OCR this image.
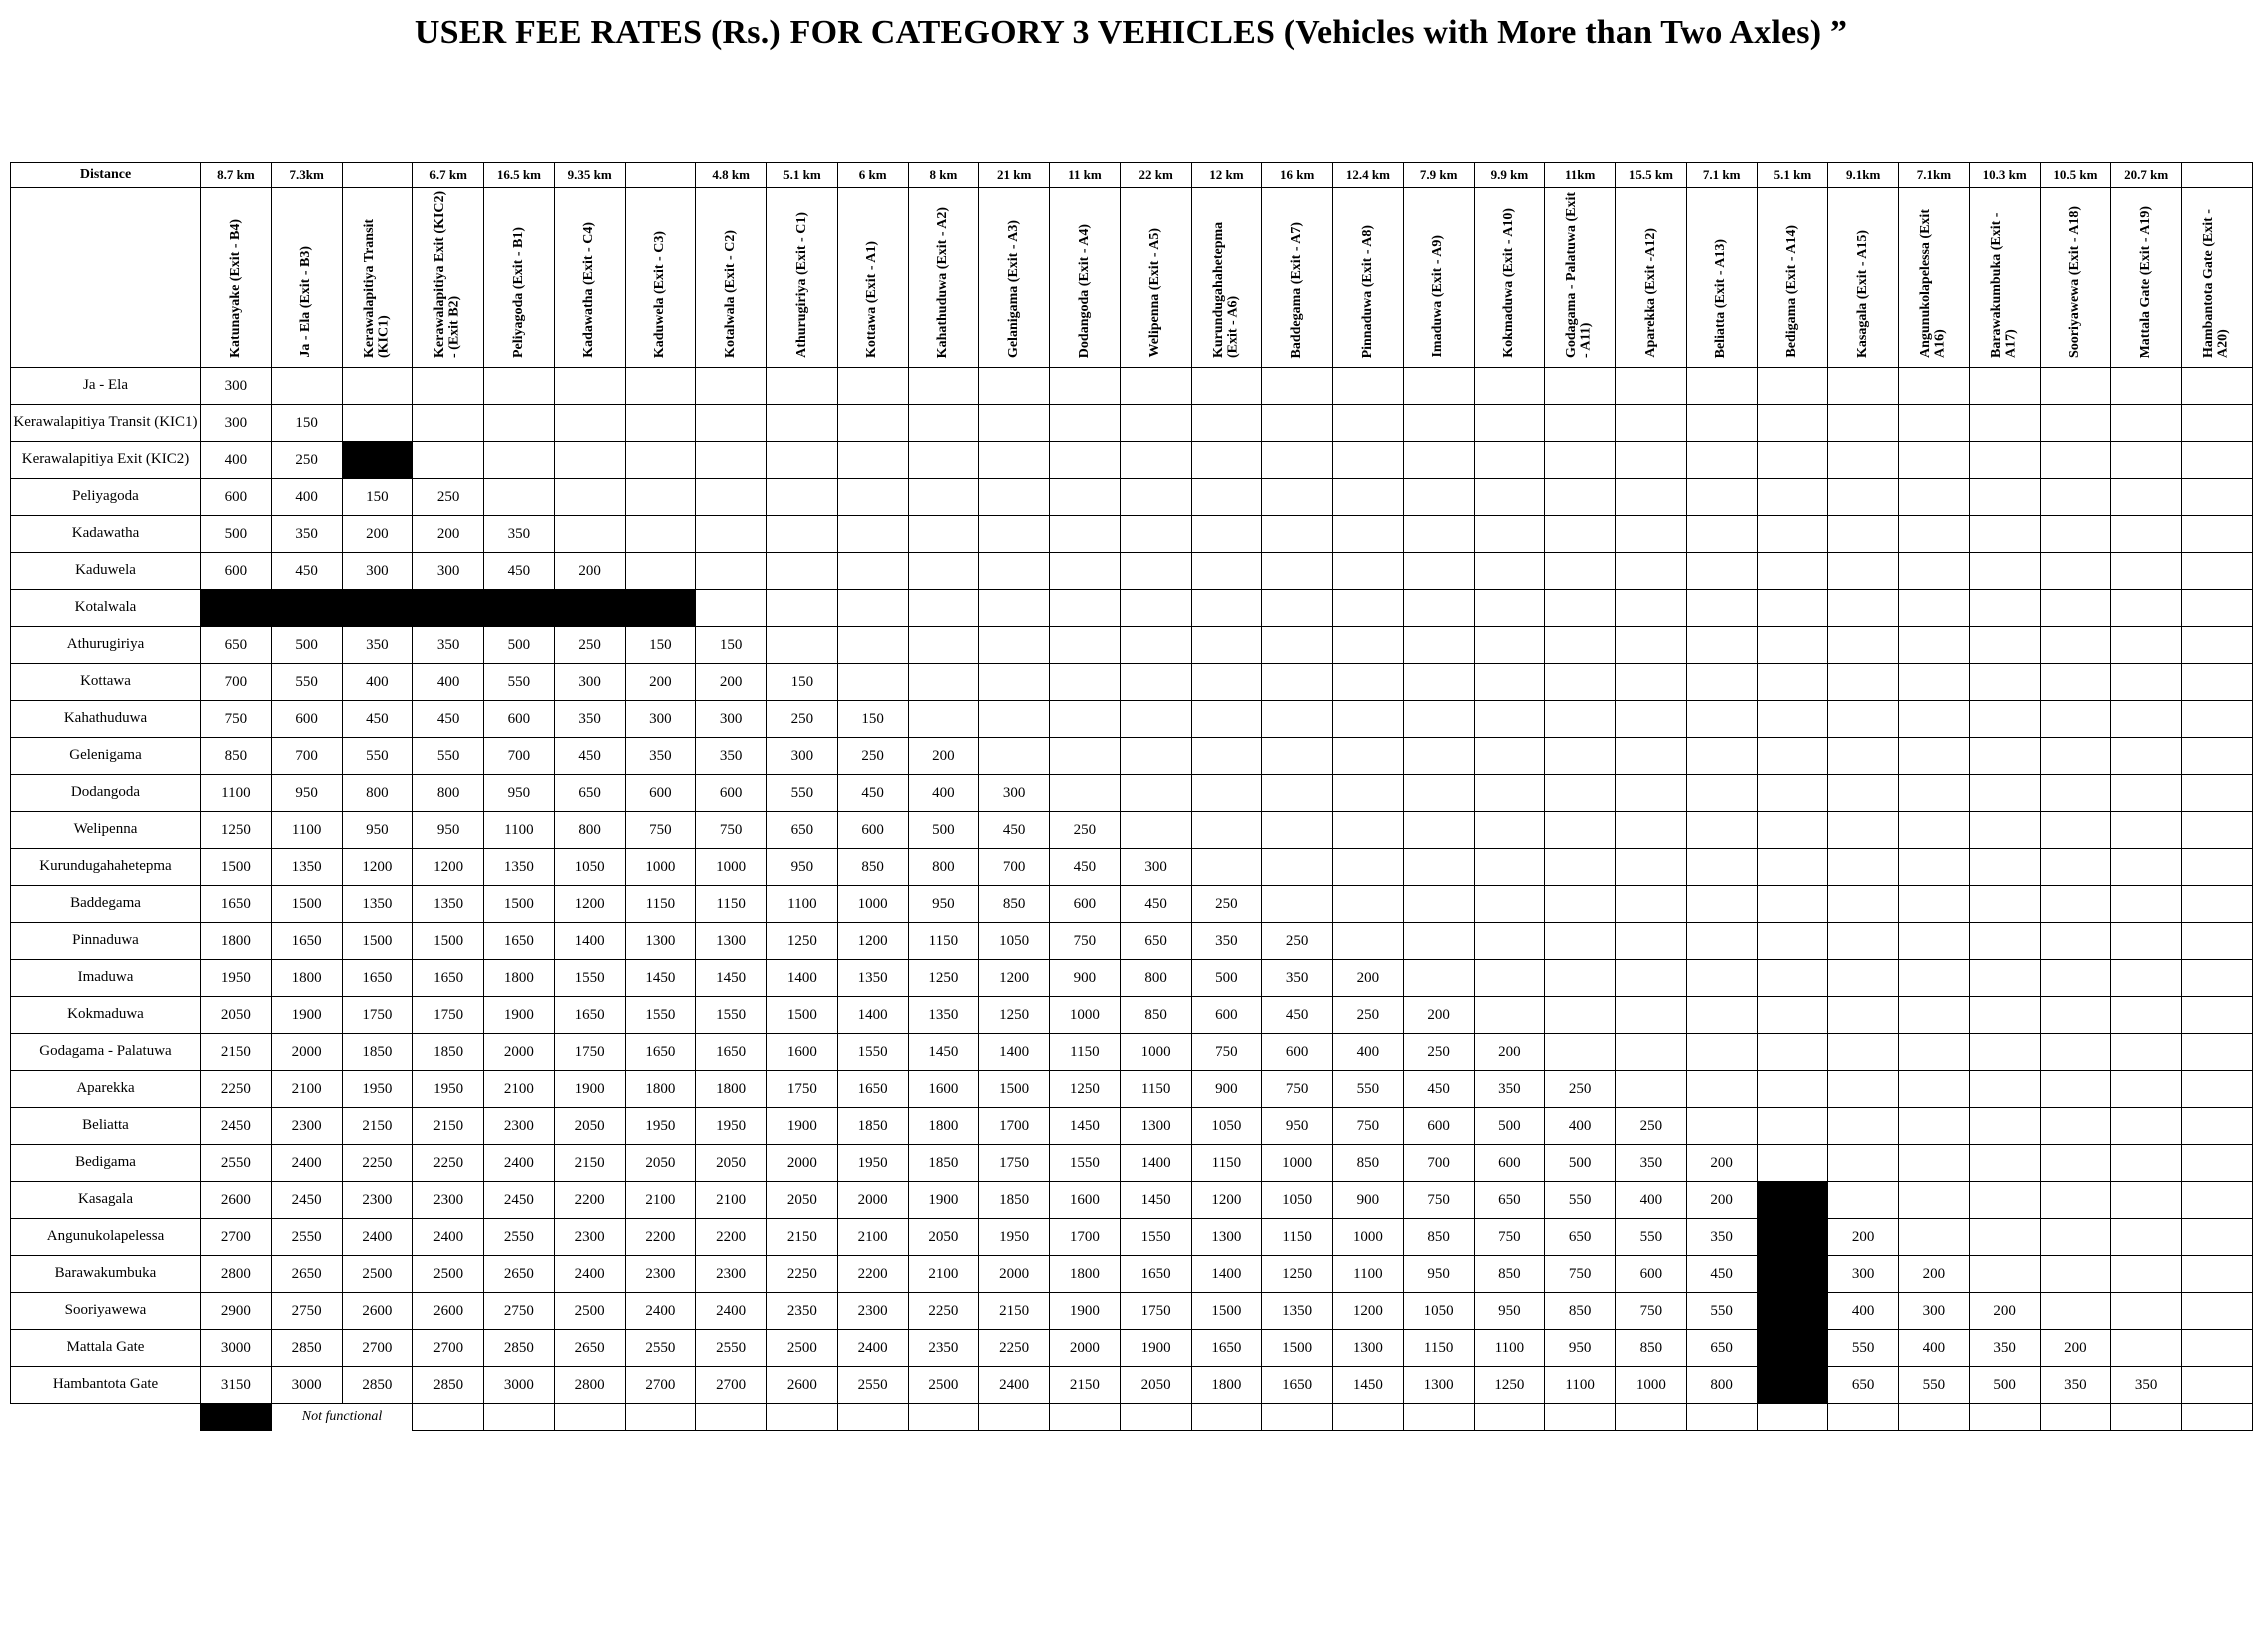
USER FEE RATES (Rs.) FOR CATEGORY 3 VEHICLES (Vehicles with More than Two Axles) ”
Distance	8.7 km	7.3km		6.7 km	16.5 km	9.35 km		4.8 km	5.1 km	6 km	8 km	21 km	11 km	22 km	12 km	16 km	12.4 km	7.9 km	9.9 km	11km	15.5 km	7.1 km	5.1 km	9.1km	7.1km	10.3 km	10.5 km	20.7 km	
	Katunayake (Exit - B4)	Ja - Ela (Exit - B3)	Kerawalapitiya Transit (KIC1)	Kerawalapitiya Exit (KIC2) - (Exit B2)	Peliyagoda (Exit - B1)	Kadawatha (Exit - C4)	Kaduwela (Exit - C3)	Kotalwala (Exit - C2)	Athurugiriya (Exit - C1)	Kottawa (Exit - A1)	Kahathuduwa (Exit - A2)	Gelanigama (Exit - A3)	Dodangoda (Exit - A4)	Welipenna (Exit - A5)	Kurundugahahetepma (Exit - A6)	Baddegama (Exit - A7)	Pinnaduwa (Exit - A8)	Imaduwa (Exit - A9)	Kokmaduwa (Exit - A10)	Godagama - Palatuwa (Exit - A11)	Aparekka (Exit -A12)	Beliatta (Exit - A13)	Bedigama (Exit - A14)	Kasagala (Exit - A15)	Angunukolapelessa (Exit A16)	Barawakumbuka (Exit - A17)	Sooriyawewa (Exit - A18)	Mattala Gate (Exit - A19)	Hambantota Gate (Exit - A20)
Ja - Ela	300																												
Kerawalapitiya Transit (KIC1)	300	150																											
Kerawalapitiya Exit (KIC2)	400	250																											
Peliyagoda	600	400	150	250																									
Kadawatha	500	350	200	200	350																								
Kaduwela	600	450	300	300	450	200																							
Kotalwala																													
Athurugiriya	650	500	350	350	500	250	150	150																					
Kottawa	700	550	400	400	550	300	200	200	150																				
Kahathuduwa	750	600	450	450	600	350	300	300	250	150																			
Gelenigama	850	700	550	550	700	450	350	350	300	250	200																		
Dodangoda	1100	950	800	800	950	650	600	600	550	450	400	300																	
Welipenna	1250	1100	950	950	1100	800	750	750	650	600	500	450	250																
Kurundugahahetepma	1500	1350	1200	1200	1350	1050	1000	1000	950	850	800	700	450	300															
Baddegama	1650	1500	1350	1350	1500	1200	1150	1150	1100	1000	950	850	600	450	250														
Pinnaduwa	1800	1650	1500	1500	1650	1400	1300	1300	1250	1200	1150	1050	750	650	350	250													
Imaduwa	1950	1800	1650	1650	1800	1550	1450	1450	1400	1350	1250	1200	900	800	500	350	200												
Kokmaduwa	2050	1900	1750	1750	1900	1650	1550	1550	1500	1400	1350	1250	1000	850	600	450	250	200											
Godagama - Palatuwa	2150	2000	1850	1850	2000	1750	1650	1650	1600	1550	1450	1400	1150	1000	750	600	400	250	200										
Aparekka	2250	2100	1950	1950	2100	1900	1800	1800	1750	1650	1600	1500	1250	1150	900	750	550	450	350	250									
Beliatta	2450	2300	2150	2150	2300	2050	1950	1950	1900	1850	1800	1700	1450	1300	1050	950	750	600	500	400	250								
Bedigama	2550	2400	2250	2250	2400	2150	2050	2050	2000	1950	1850	1750	1550	1400	1150	1000	850	700	600	500	350	200							
Kasagala	2600	2450	2300	2300	2450	2200	2100	2100	2050	2000	1900	1850	1600	1450	1200	1050	900	750	650	550	400	200							
Angunukolapelessa	2700	2550	2400	2400	2550	2300	2200	2200	2150	2100	2050	1950	1700	1550	1300	1150	1000	850	750	650	550	350		200					
Barawakumbuka	2800	2650	2500	2500	2650	2400	2300	2300	2250	2200	2100	2000	1800	1650	1400	1250	1100	950	850	750	600	450		300	200				
Sooriyawewa	2900	2750	2600	2600	2750	2500	2400	2400	2350	2300	2250	2150	1900	1750	1500	1350	1200	1050	950	850	750	550		400	300	200			
Mattala Gate	3000	2850	2700	2700	2850	2650	2550	2550	2500	2400	2350	2250	2000	1900	1650	1500	1300	1150	1100	950	850	650		550	400	350	200		
Hambantota Gate	3150	3000	2850	2850	3000	2800	2700	2700	2600	2550	2500	2400	2150	2050	1800	1650	1450	1300	1250	1100	1000	800		650	550	500	350	350	
		Not functional																											
